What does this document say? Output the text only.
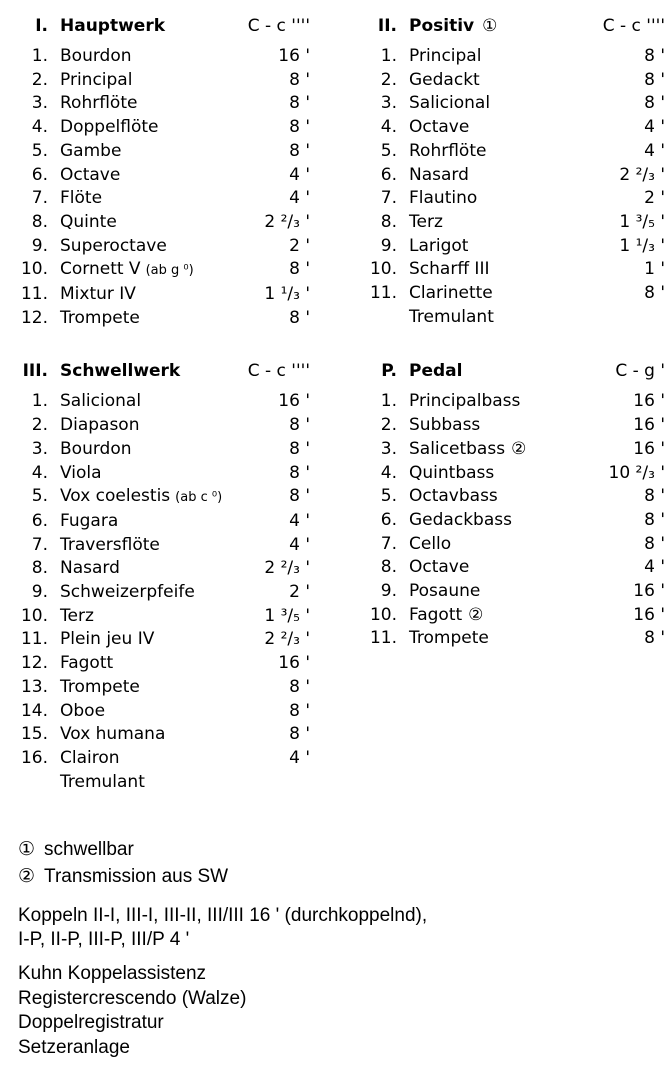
I. Hauptwerk	C - c ''''
1. Bourdon	16 '
2. Principal	8 '
3. Rohrflöte	8 '
4. Doppelflöte	8 '
5. Gambe	8 '
6. Octave	4 '
7. Flöte	4 '
8. Quinte	2 ²/₃ '
9. Superoctave	2 '
10. Cornett V (ab g ⁰)	8 '
11. Mixtur IV	1 ¹/₃ '
12. Trompete	8 '
II. Positiv ①	C - c ''''
1. Principal	8 '
2. Gedackt	8 '
3. Salicional	8 '
4. Octave	4 '
5. Rohrflöte	4 '
6. Nasard	2 ²/₃ '
7. Flautino	2 '
8. Terz	1 ³/₅ '
9. Larigot	1 ¹/₃ '
10. Scharff III	1 '
11. Clarinette	8 '
Tremulant
III. Schwellwerk	C - c ''''
1. Salicional	16 '
2. Diapason	8 '
3. Bourdon	8 '
4. Viola	8 '
5. Vox coelestis (ab c ⁰)	8 '
6. Fugara	4 '
7. Traversflöte	4 '
8. Nasard	2 ²/₃ '
9. Schweizerpfeife	2 '
10. Terz	1 ³/₅ '
11. Plein jeu IV	2 ²/₃ '
12. Fagott	16 '
13. Trompete	8 '
14. Oboe	8 '
15. Vox humana	8 '
16. Clairon	4 '
Tremulant
P. Pedal	C - g '
1. Principalbass	16 '
2. Subbass	16 '
3. Salicetbass ②	16 '
4. Quintbass	10 ²/₃ '
5. Octavbass	8 '
6. Gedackbass	8 '
7. Cello	8 '
8. Octave	4 '
9. Posaune	16 '
10. Fagott ②	16 '
11. Trompete	8 '
① schwellbar
② Transmission aus SW
Koppeln II-I, III-I, III-II, III/III 16 ' (durchkoppelnd),
I-P, II-P, III-P, III/P 4 '
Kuhn Koppelassistenz
Registercrescendo (Walze)
Doppelregistratur
Setzeranlage
